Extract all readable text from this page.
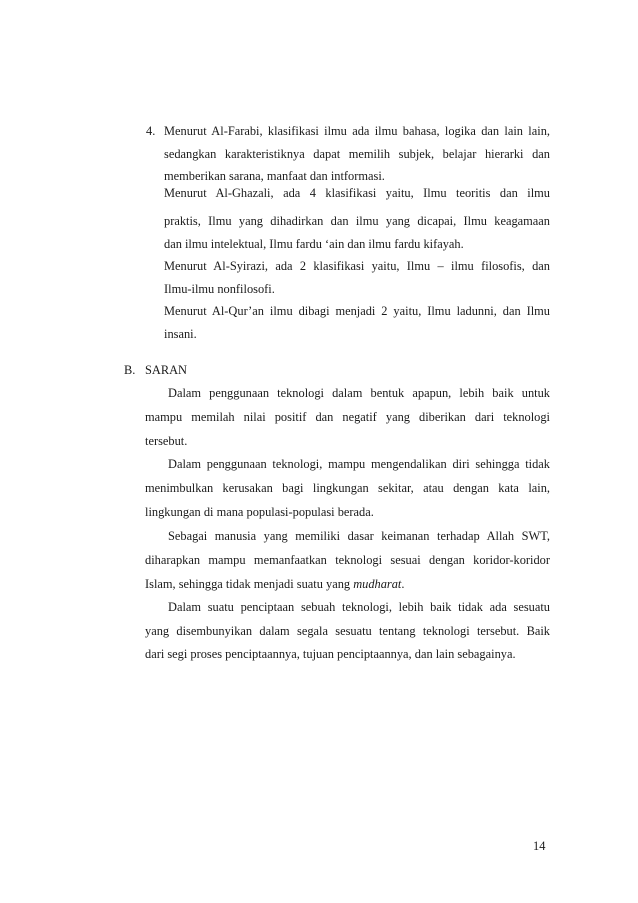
4. Menurut Al-Farabi, klasifikasi ilmu ada ilmu bahasa, logika dan lain lain,
sedangkan karakteristiknya dapat memilih subjek, belajar hierarki dan
memberikan sarana, manfaat dan intformasi.
Menurut Al-Ghazali, ada 4 klasifikasi yaitu, Ilmu teoritis dan ilmu
praktis, Ilmu yang dihadirkan dan ilmu yang dicapai, Ilmu keagamaan
dan ilmu intelektual, Ilmu fardu ‘ain dan ilmu fardu kifayah.
Menurut Al-Syirazi, ada 2 klasifikasi yaitu, Ilmu – ilmu filosofis, dan
Ilmu-ilmu nonfilosofi.
Menurut Al-Qur’an ilmu dibagi menjadi 2 yaitu, Ilmu ladunni, dan Ilmu
insani.
B. SARAN
Dalam penggunaan teknologi dalam bentuk apapun, lebih baik untuk
mampu memilah nilai positif dan negatif yang diberikan dari teknologi
tersebut.
Dalam penggunaan teknologi, mampu mengendalikan diri sehingga tidak
menimbulkan kerusakan bagi lingkungan sekitar, atau dengan kata lain,
lingkungan di mana populasi-populasi berada.
Sebagai manusia yang memiliki dasar keimanan terhadap Allah SWT,
diharapkan mampu memanfaatkan teknologi sesuai dengan koridor-koridor
Islam, sehingga tidak menjadi suatu yang mudharat.
Dalam suatu penciptaan sebuah teknologi, lebih baik tidak ada sesuatu
yang disembunyikan dalam segala sesuatu tentang teknologi tersebut. Baik
dari segi proses penciptaannya, tujuan penciptaannya, dan lain sebagainya.
14
